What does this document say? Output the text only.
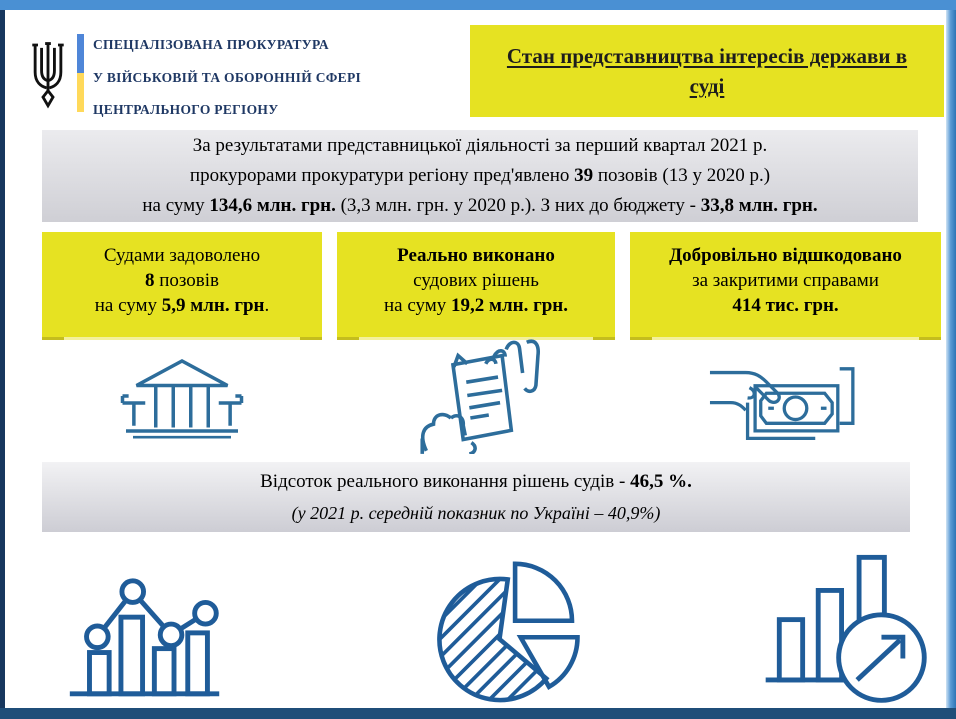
СПЕЦІАЛІЗОВАНА ПРОКУРАТУРА
У ВІЙСЬКОВІЙ ТА ОБОРОННІЙ СФЕРІ
ЦЕНТРАЛЬНОГО РЕГІОНУ
Стан представництва інтересів держави в суді
За результатами представницької діяльності за перший квартал 2021 р.
прокурорами прокуратури регіону пред'явлено 39 позовів (13 у 2020 р.)
на суму 134,6 млн. грн. (3,3 млн. грн. у 2020 р.). З них до бюджету - 33,8 млн. грн.
Судами задоволено
8 позовів
на суму 5,9 млн. грн.
Реально виконано
судових рішень
на суму 19,2 млн. грн.
Добровільно відшкодовано
за закритими справами
414 тис. грн.
Відсоток реального виконання рішень судів - 46,5 %.
(у 2021 р. середній показник по Україні – 40,9%)
